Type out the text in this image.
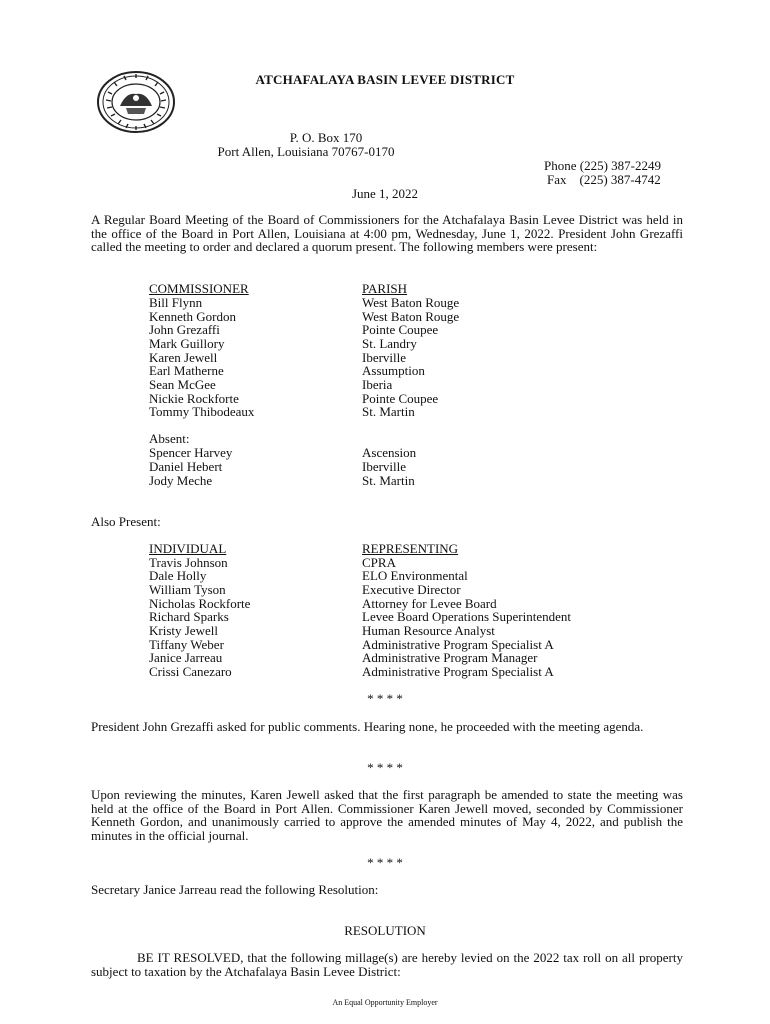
ATCHAFALAYA BASIN LEVEE DISTRICT
P. O. Box 170
Port Allen, Louisiana 70767-0170
Phone (225) 387-2249
Fax    (225) 387-4742
June 1, 2022
A Regular Board Meeting of the Board of Commissioners for the Atchafalaya Basin Levee District was held in the office of the Board in Port Allen, Louisiana at 4:00 pm, Wednesday, June 1, 2022. President John Grezaffi called the meeting to order and declared a quorum present. The following members were present:
COMMISSIONER	PARISH
Bill Flynn	West Baton Rouge
Kenneth Gordon	West Baton Rouge
John Grezaffi	Pointe Coupee
Mark Guillory	St. Landry
Karen Jewell	Iberville
Earl Matherne	Assumption
Sean McGee	Iberia
Nickie Rockforte	Pointe Coupee
Tommy Thibodeaux	St. Martin
Absent:
Spencer Harvey	Ascension
Daniel Hebert	Iberville
Jody Meche	St. Martin
Also Present:
INDIVIDUAL	REPRESENTING
Travis Johnson	CPRA
Dale Holly	ELO Environmental
William Tyson	Executive Director
Nicholas Rockforte	Attorney for Levee Board
Richard Sparks	Levee Board Operations Superintendent
Kristy Jewell	Human Resource Analyst
Tiffany Weber	Administrative Program Specialist A
Janice Jarreau	Administrative Program Manager
Crissi Canezaro	Administrative Program Specialist A
* * * *
President John Grezaffi asked for public comments. Hearing none, he proceeded with the meeting agenda.
* * * *
Upon reviewing the minutes, Karen Jewell asked that the first paragraph be amended to state the meeting was held at the office of the Board in Port Allen. Commissioner Karen Jewell moved, seconded by Commissioner Kenneth Gordon, and unanimously carried to approve the amended minutes of May 4, 2022, and publish the minutes in the official journal.
* * * *
Secretary Janice Jarreau read the following Resolution:
RESOLUTION
BE IT RESOLVED, that the following millage(s) are hereby levied on the 2022 tax roll on all property subject to taxation by the Atchafalaya Basin Levee District:
An Equal Opportunity Employer
